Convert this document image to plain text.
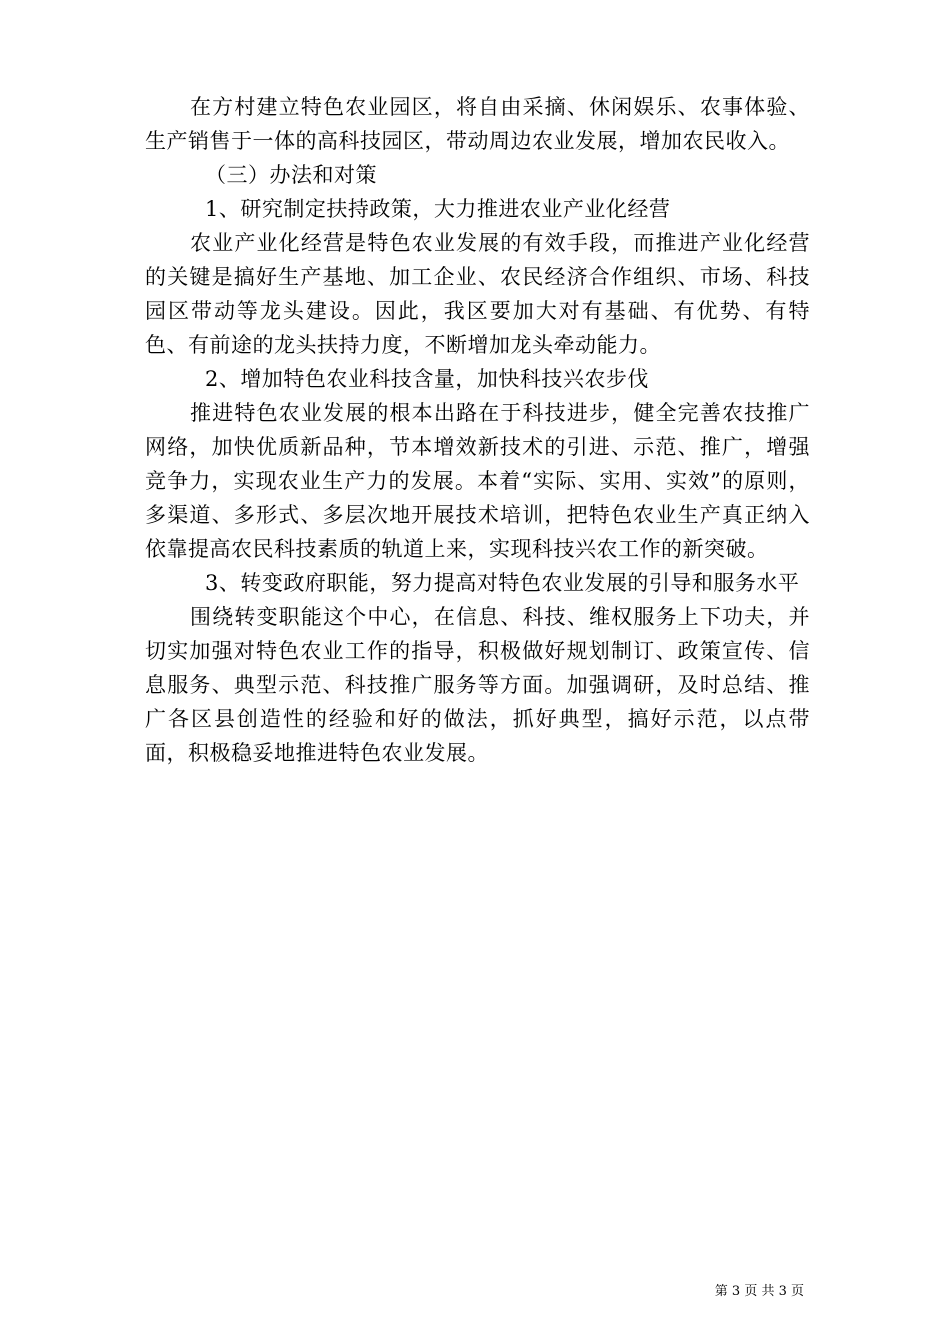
在方村建立特色农业园区，将自由采摘、休闲娱乐、农事体验、生产销售于一体的高科技园区，带动周边农业发展，增加农民收入。

（三）办法和对策

1、研究制定扶持政策，大力推进农业产业化经营

农业产业化经营是特色农业发展的有效手段，而推进产业化经营的关键是搞好生产基地、加工企业、农民经济合作组织、市场、科技园区带动等龙头建设。因此，我区要加大对有基础、有优势、有特色、有前途的龙头扶持力度，不断增加龙头牵动能力。

2、增加特色农业科技含量，加快科技兴农步伐

推进特色农业发展的根本出路在于科技进步，健全完善农技推广网络，加快优质新品种，节本增效新技术的引进、示范、推广，增强竞争力，实现农业生产力的发展。本着“实际、实用、实效”的原则，多渠道、多形式、多层次地开展技术培训，把特色农业生产真正纳入依靠提高农民科技素质的轨道上来，实现科技兴农工作的新突破。

3、转变政府职能，努力提高对特色农业发展的引导和服务水平

围绕转变职能这个中心，在信息、科技、维权服务上下功夫，并切实加强对特色农业工作的指导，积极做好规划制订、政策宣传、信息服务、典型示范、科技推广服务等方面。加强调研，及时总结、推广各区县创造性的经验和好的做法，抓好典型，搞好示范，以点带面，积极稳妥地推进特色农业发展。

第 3 页 共 3 页
